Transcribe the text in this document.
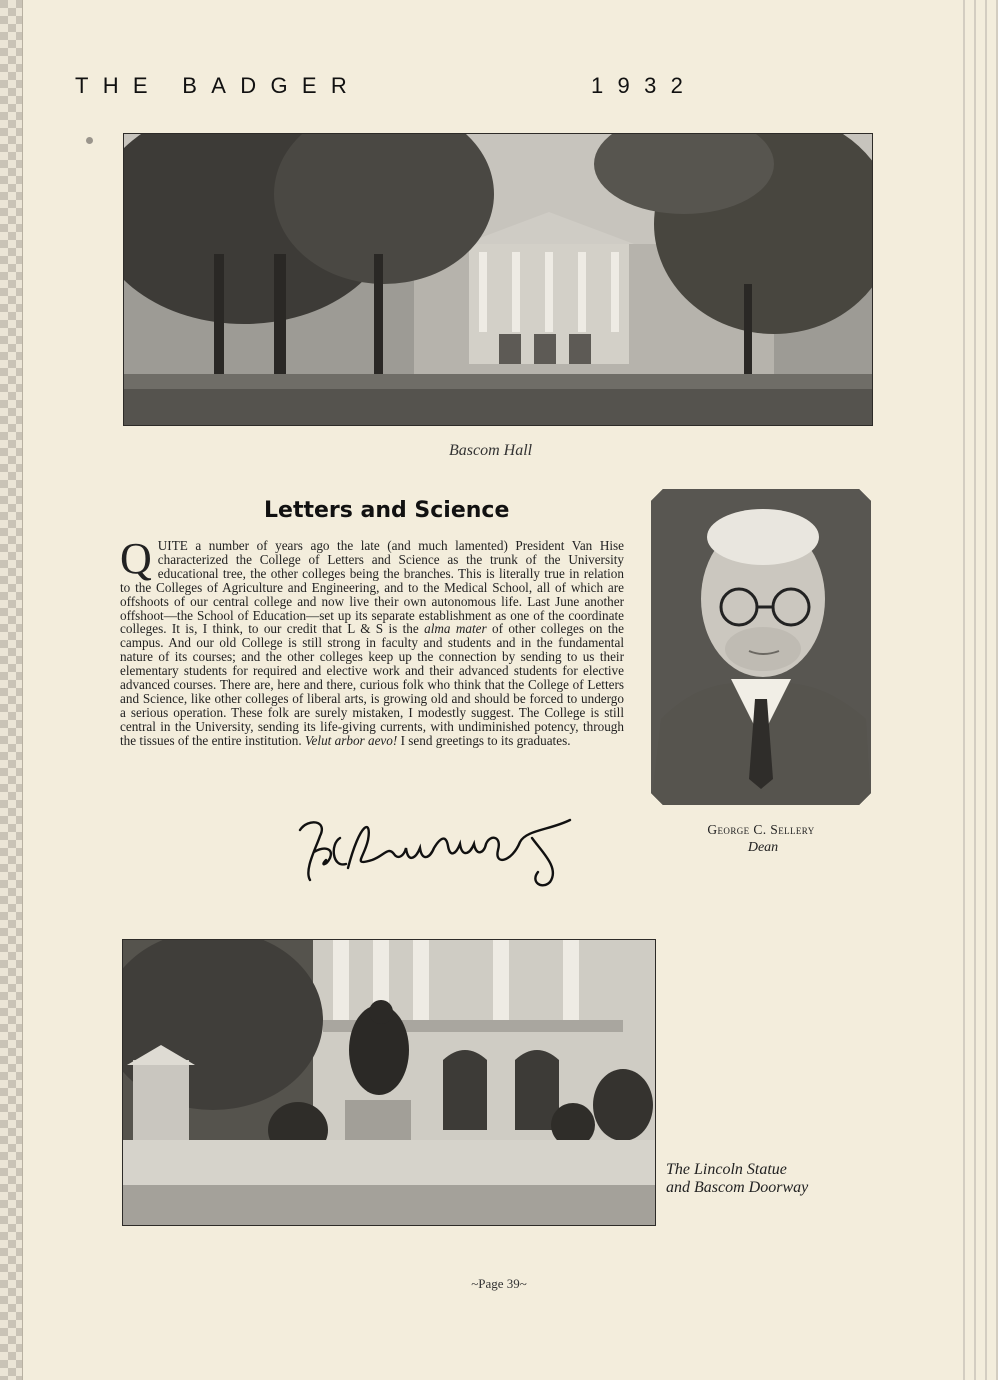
THE BADGER	1932
Bascom Hall
Letters and Science
QUITE a number of years ago the late (and much lamented) President Van Hise characterized the College of Letters and Science as the trunk of the University educational tree, the other colleges being the branches. This is literally true in relation to the Colleges of Agriculture and Engineering, and to the Medical School, all of which are offshoots of our central college and now live their own autonomous life. Last June another offshoot—the School of Education—set up its separate establishment as one of the coordinate colleges. It is, I think, to our credit that L & S is the alma mater of other colleges on the campus. And our old College is still strong in faculty and students and in the fundamental nature of its courses; and the other colleges keep up the connection by sending to us their elementary students for required and elective work and their advanced students for elective advanced courses. There are, here and there, curious folk who think that the College of Letters and Science, like other colleges of liberal arts, is growing old and should be forced to undergo a serious operation. These folk are surely mistaken, I modestly suggest. The College is still central in the University, sending its life-giving currents, with undiminished potency, through the tissues of the entire institution. Velut arbor aevo! I send greetings to its graduates.
George C. Sellery
Dean
The Lincoln Statue
and Bascom Doorway
~Page 39~
